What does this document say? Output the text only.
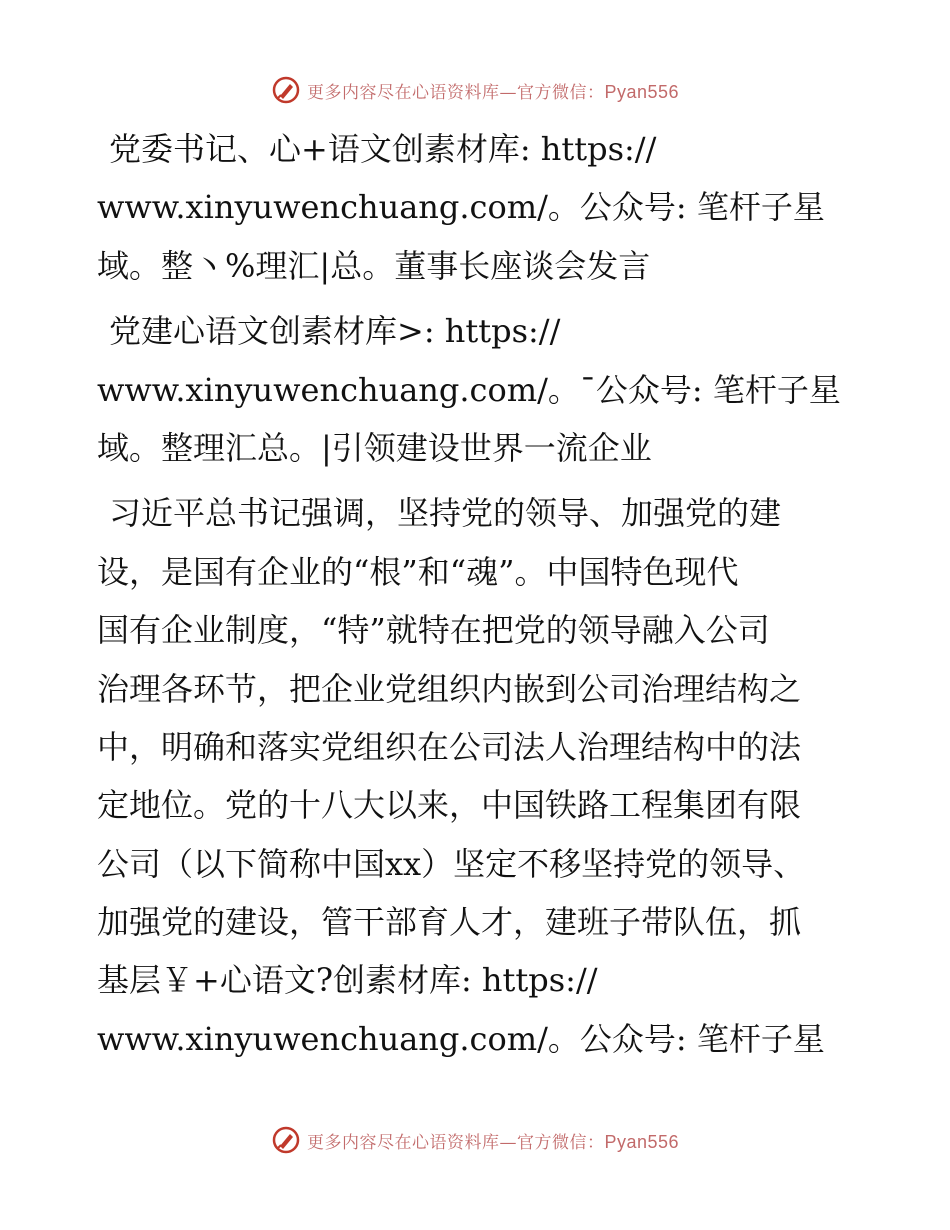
更多内容尽在心语资料库—官方微信：Pyan556
党委书记、心+语文创素材库: https://
www.xinyuwenchuang.com/。公众号: 笔杆子星
域。整丶%理汇|总。董事长座谈会发言
党建心语文创素材库>: https://
www.xinyuwenchuang.com/。¯公众号: 笔杆子星
域。整理汇总。|引领建设世界一流企业
习近平总书记强调，坚持党的领导、加强党的建
设，是国有企业的“根”和“魂”。中国特色现代
国有企业制度，“特”就特在把党的领导融入公司
治理各环节，把企业党组织内嵌到公司治理结构之
中，明确和落实党组织在公司法人治理结构中的法
定地位。党的十八大以来，中国铁路工程集团有限
公司（以下简称中国xx）坚定不移坚持党的领导、
加强党的建设，管干部育人才，建班子带队伍，抓
基层￥+心语文?创素材库: https://
www.xinyuwenchuang.com/。公众号: 笔杆子星
更多内容尽在心语资料库—官方微信：Pyan556
